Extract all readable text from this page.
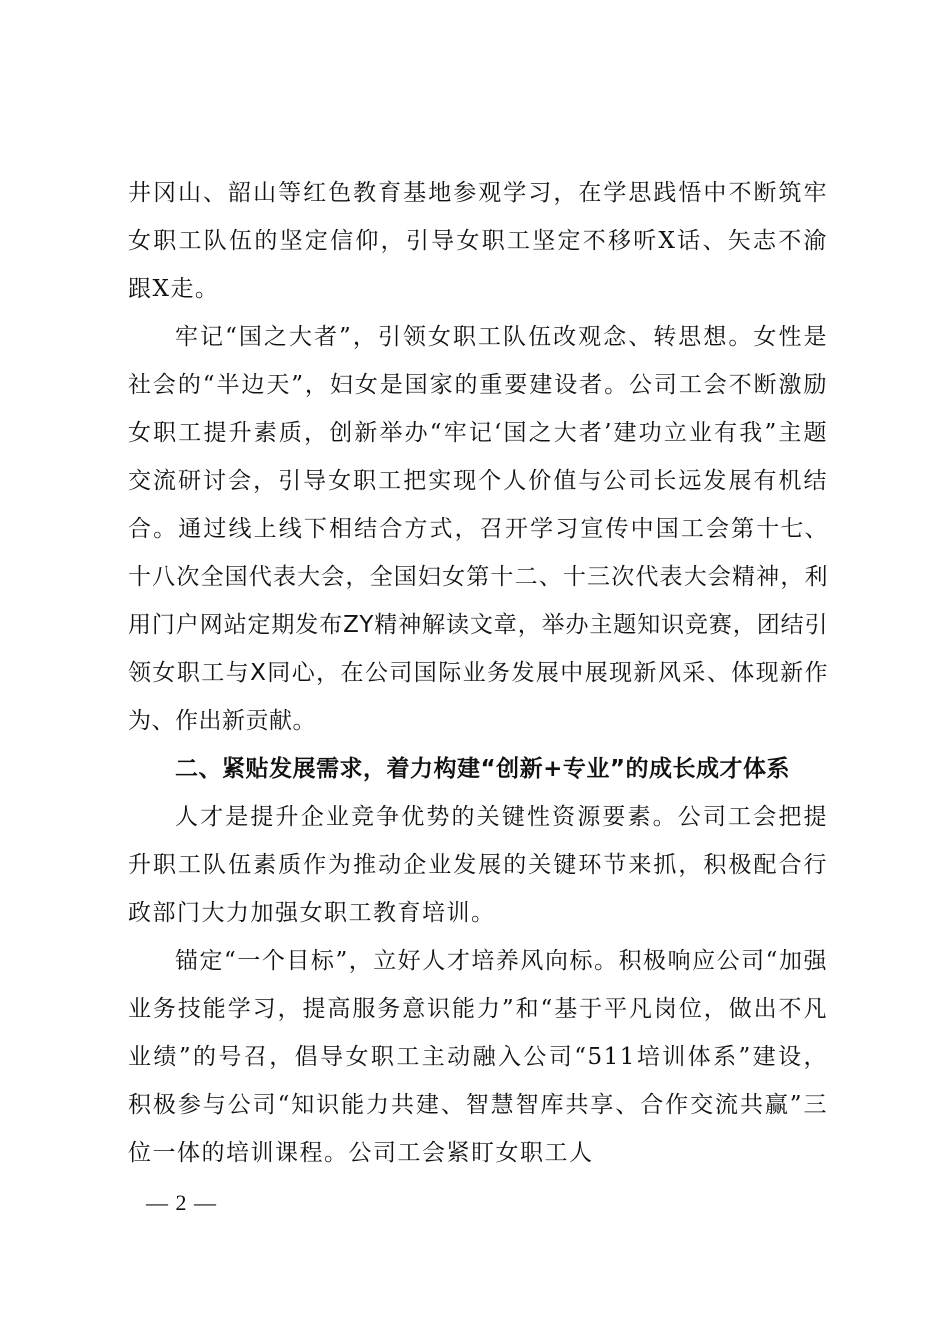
井冈山、韶山等红色教育基地参观学习，在学思践悟中不断筑牢女职工队伍的坚定信仰，引导女职工坚定不移听X话、矢志不渝跟X走。

牢记“国之大者”，引领女职工队伍改观念、转思想。女性是社会的“半边天”，妇女是国家的重要建设者。公司工会不断激励女职工提升素质，创新举办“牢记‘国之大者’建功立业有我”主题交流研讨会，引导女职工把实现个人价值与公司长远发展有机结合。通过线上线下相结合方式，召开学习宣传中国工会第十七、十八次全国代表大会，全国妇女第十二、十三次代表大会精神，利用门户网站定期发布ZY精神解读文章，举办主题知识竞赛，团结引领女职工与X同心，在公司国际业务发展中展现新风采、体现新作为、作出新贡献。

二、紧贴发展需求，着力构建“创新+专业”的成长成才体系

人才是提升企业竞争优势的关键性资源要素。公司工会把提升职工队伍素质作为推动企业发展的关键环节来抓，积极配合行政部门大力加强女职工教育培训。

锚定“一个目标”，立好人才培养风向标。积极响应公司“加强业务技能学习，提高服务意识能力”和“基于平凡岗位，做出不凡业绩”的号召，倡导女职工主动融入公司“511培训体系”建设，积极参与公司“知识能力共建、智慧智库共享、合作交流共赢”三位一体的培训课程。公司工会紧盯女职工人

— 2 —
